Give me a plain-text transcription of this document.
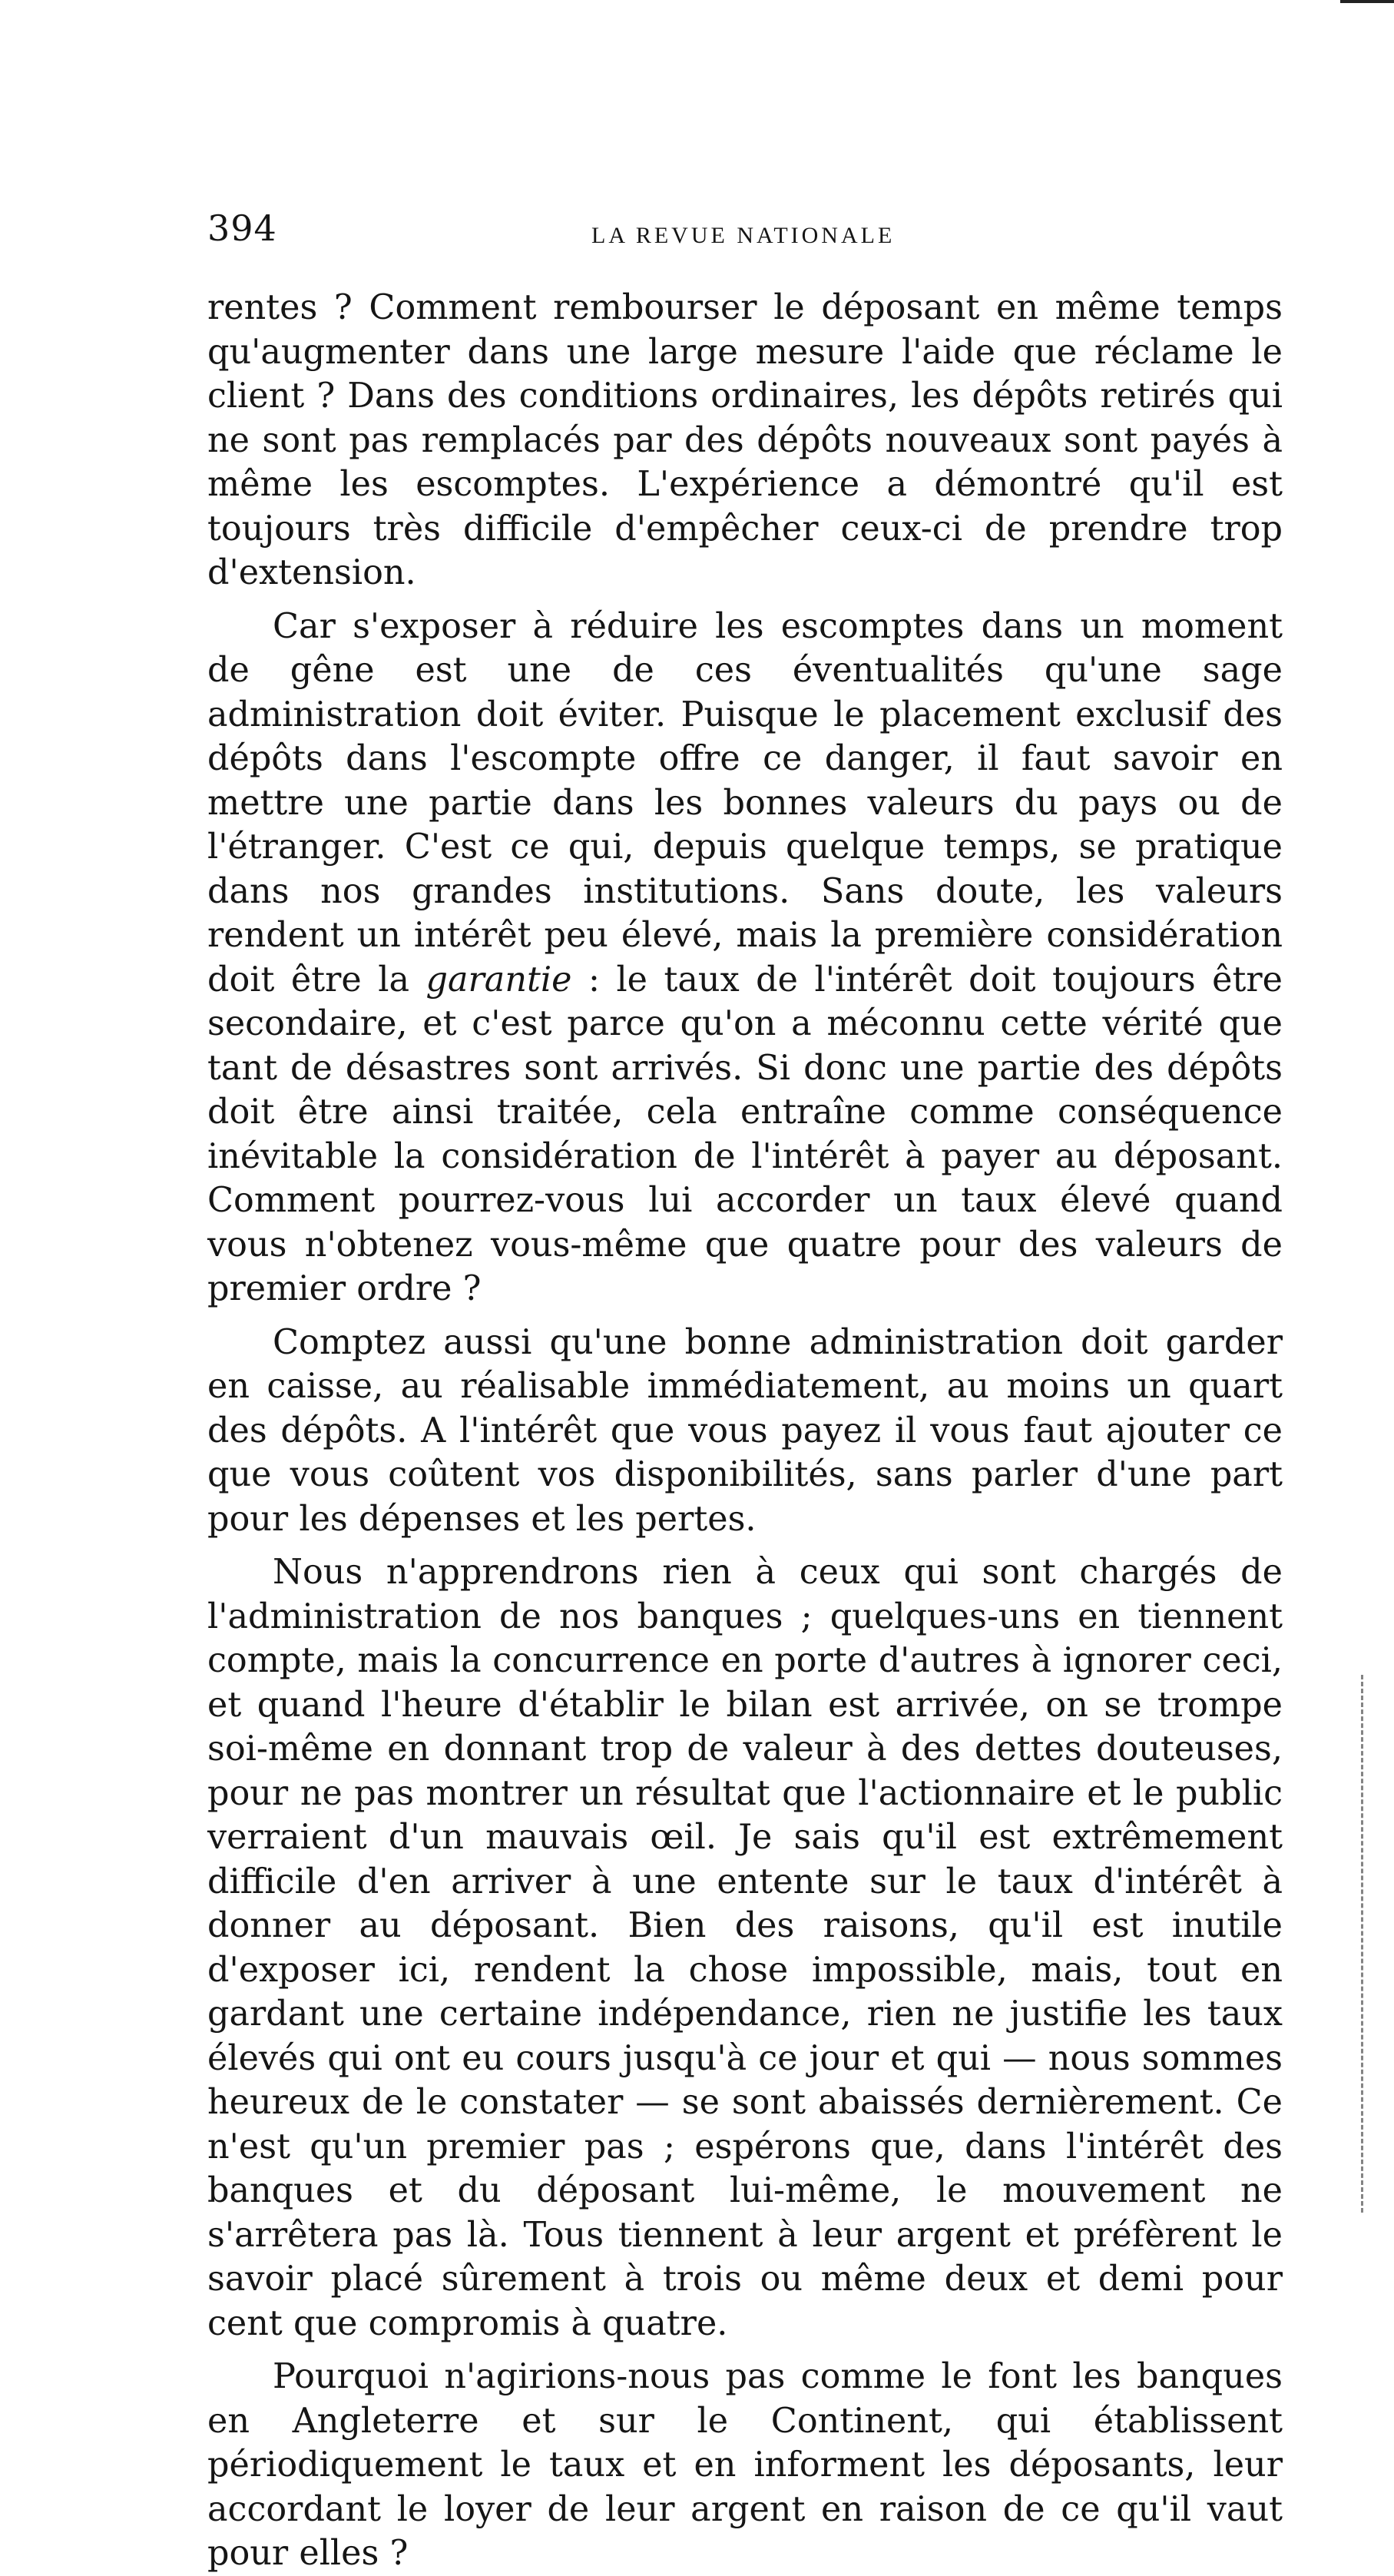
394	LA REVUE NATIONALE

rentes ? Comment rembourser le déposant en même temps qu'augmenter dans une large mesure l'aide que réclame le client ? Dans des conditions ordinaires, les dépôts retirés qui ne sont pas remplacés par des dépôts nouveaux sont payés à même les escomptes. L'expérience a démontré qu'il est toujours très difficile d'empêcher ceux-ci de prendre trop d'extension.

Car s'exposer à réduire les escomptes dans un moment de gêne est une de ces éventualités qu'une sage administration doit éviter. Puisque le placement exclusif des dépôts dans l'escompte offre ce danger, il faut savoir en mettre une partie dans les bonnes valeurs du pays ou de l'étranger. C'est ce qui, depuis quelque temps, se pratique dans nos grandes institutions. Sans doute, les valeurs rendent un intérêt peu élevé, mais la première considération doit être la garantie : le taux de l'intérêt doit toujours être secondaire, et c'est parce qu'on a méconnu cette vérité que tant de désastres sont arrivés. Si donc une partie des dépôts doit être ainsi traitée, cela entraîne comme conséquence inévitable la considération de l'intérêt à payer au déposant. Comment pourrez-vous lui accorder un taux élevé quand vous n'obtenez vous-même que quatre pour des valeurs de premier ordre ?

Comptez aussi qu'une bonne administration doit garder en caisse, au réalisable immédiatement, au moins un quart des dépôts. A l'intérêt que vous payez il vous faut ajouter ce que vous coûtent vos disponibilités, sans parler d'une part pour les dépenses et les pertes.

Nous n'apprendrons rien à ceux qui sont chargés de l'administration de nos banques ; quelques-uns en tiennent compte, mais la concurrence en porte d'autres à ignorer ceci, et quand l'heure d'établir le bilan est arrivée, on se trompe soi-même en donnant trop de valeur à des dettes douteuses, pour ne pas montrer un résultat que l'actionnaire et le public verraient d'un mauvais œil. Je sais qu'il est extrêmement difficile d'en arriver à une entente sur le taux d'intérêt à donner au déposant. Bien des raisons, qu'il est inutile d'exposer ici, rendent la chose impossible, mais, tout en gardant une certaine indépendance, rien ne justifie les taux élevés qui ont eu cours jusqu'à ce jour et qui — nous sommes heureux de le constater — se sont abaissés dernièrement. Ce n'est qu'un premier pas ; espérons que, dans l'intérêt des banques et du déposant lui-même, le mouvement ne s'arrêtera pas là. Tous tiennent à leur argent et préfèrent le savoir placé sûrement à trois ou même deux et demi pour cent que compromis à quatre.

Pourquoi n'agirions-nous pas comme le font les banques en Angleterre et sur le Continent, qui établissent périodiquement le taux et en informent les déposants, leur accordant le loyer de leur argent en raison de ce qu'il vaut pour elles ?
